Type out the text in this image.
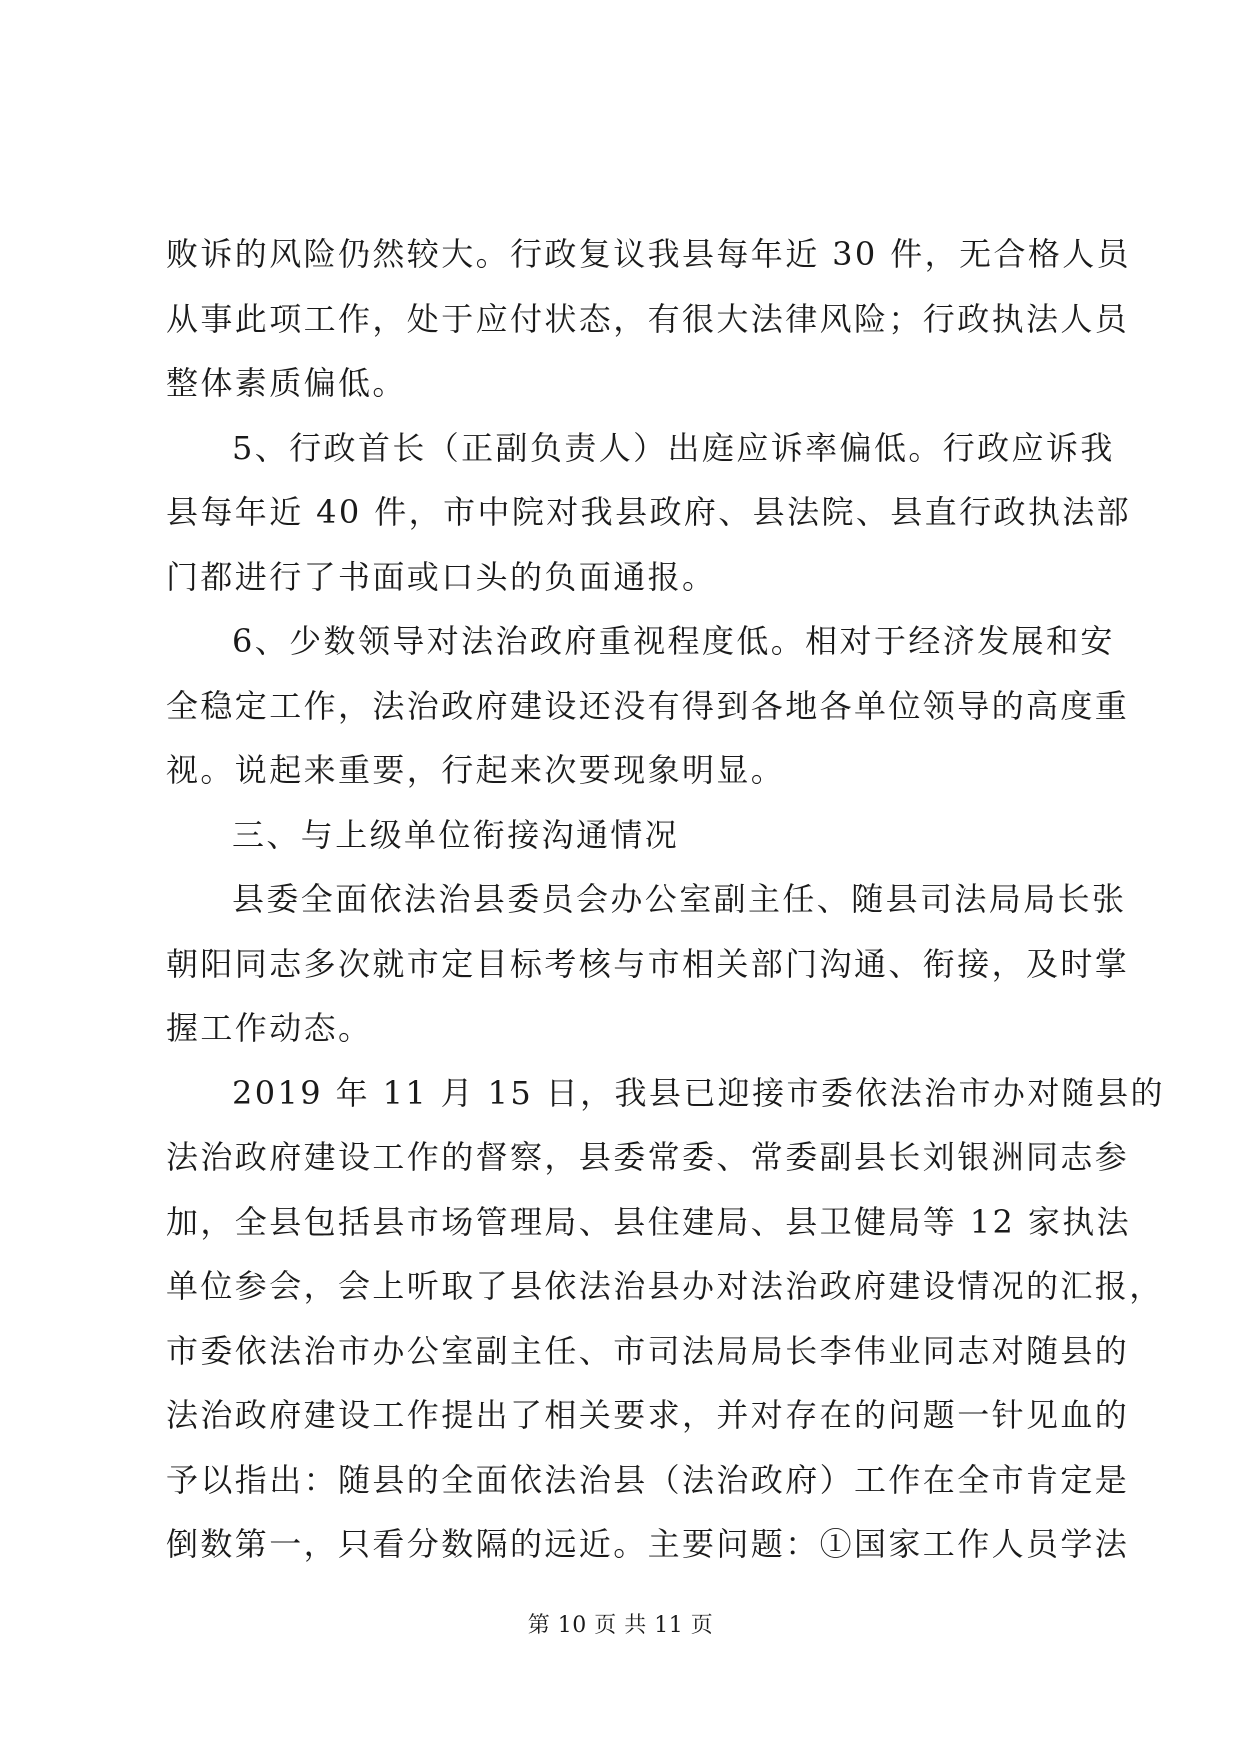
败诉的风险仍然较大。行政复议我县每年近 30 件，无合格人员
从事此项工作，处于应付状态，有很大法律风险；行政执法人员
整体素质偏低。
5、行政首长（正副负责人）出庭应诉率偏低。行政应诉我
县每年近 40 件，市中院对我县政府、县法院、县直行政执法部
门都进行了书面或口头的负面通报。
6、少数领导对法治政府重视程度低。相对于经济发展和安
全稳定工作，法治政府建设还没有得到各地各单位领导的高度重
视。说起来重要，行起来次要现象明显。
三、与上级单位衔接沟通情况
县委全面依法治县委员会办公室副主任、随县司法局局长张
朝阳同志多次就市定目标考核与市相关部门沟通、衔接，及时掌
握工作动态。
2019 年 11 月 15 日，我县已迎接市委依法治市办对随县的
法治政府建设工作的督察，县委常委、常委副县长刘银洲同志参
加，全县包括县市场管理局、县住建局、县卫健局等 12 家执法
单位参会，会上听取了县依法治县办对法治政府建设情况的汇报，
市委依法治市办公室副主任、市司法局局长李伟业同志对随县的
法治政府建设工作提出了相关要求，并对存在的问题一针见血的
予以指出：随县的全面依法治县（法治政府）工作在全市肯定是
倒数第一，只看分数隔的远近。主要问题：①国家工作人员学法
第 10 页 共 11 页
